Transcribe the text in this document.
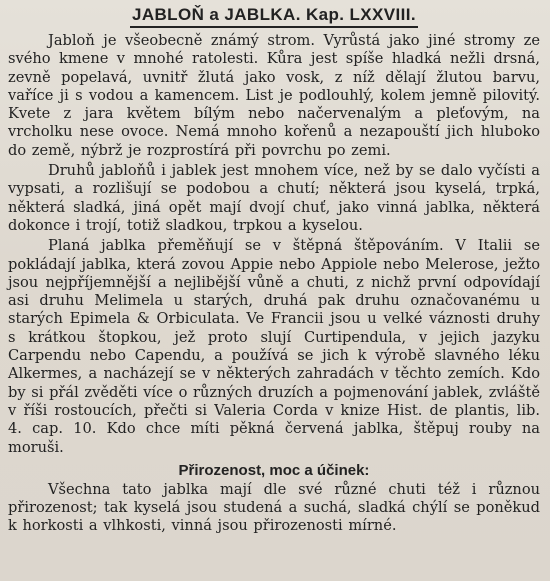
JABLOŇ a JABLKA. Kap. LXXVIII.

Jabloň je všeobecně známý strom. Vyrůstá jako jiné stromy ze svého kmene v mnohé ratolesti. Kůra jest spíše hladká nežli drsná, zevně popelavá, uvnitř žlutá jako vosk, z níž dělají žlutou barvu, vaříce ji s vodou a kamencem. List je podlouhlý, kolem jemně pilovitý. Kvete z jara květem bílým nebo načervenalým a pleťovým, na vrcholku nese ovoce. Nemá mnoho kořenů a nezapouští jich hluboko do země, nýbrž je rozprostírá při povrchu po zemi.

Druhů jabloňů i jablek jest mnohem více, než by se dalo vyčísti a vypsati, a rozlišují se podobou a chutí; některá jsou kyselá, trpká, některá sladká, jiná opět mají dvojí chuť, jako vinná jablka, některá dokonce i trojí, totiž sladkou, trpkou a kyselou.

Planá jablka přeměňují se v štěpná štěpováním. V Italii se pokládají jablka, která zovou Appie nebo Appiole nebo Melerose, ježto jsou nejpříjemnější a nejlibější vůně a chuti, z nichž první odpovídají asi druhu Melimela u starých, druhá pak druhu označovanému u starých Epimela & Orbiculata. Ve Francii jsou u velké váznosti druhy s krátkou štopkou, jež proto slují Curtipendula, v jejich jazyku Carpendu nebo Capendu, a používá se jich k výrobě slavného léku Alkermes, a nacházejí se v některých zahradách v těchto zemích. Kdo by si přál zvěděti více o různých druzích a pojmenování jablek, zvláště v říši rostoucích, přečti si Valeria Corda v knize Hist. de plantis, lib. 4. cap. 10. Kdo chce míti pěkná červená jablka, štěpuj rouby na moruši.

Přirozenost, moc a účinek:

Všechna tato jablka mají dle své různé chuti též i různou přirozenost; tak kyselá jsou studená a suchá, sladká chýlí se poněkud k horkosti a vlhkosti, vinná jsou přirozenosti mírné.
